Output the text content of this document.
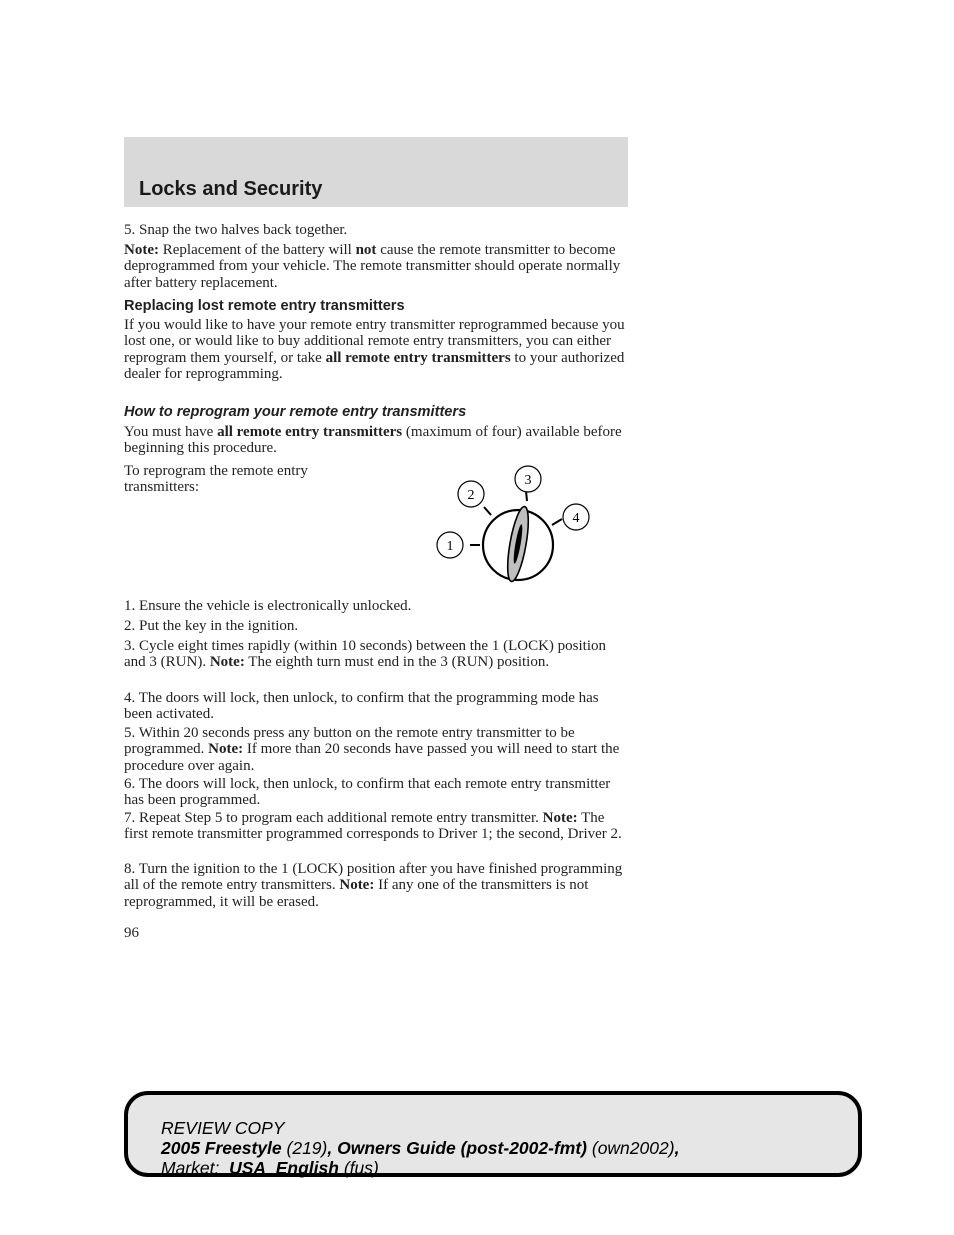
Locks and Security
5. Snap the two halves back together.
Note: Replacement of the battery will not cause the remote transmitter to become deprogrammed from your vehicle. The remote transmitter should operate normally after battery replacement.
Replacing lost remote entry transmitters
If you would like to have your remote entry transmitter reprogrammed because you lost one, or would like to buy additional remote entry transmitters, you can either reprogram them yourself, or take all remote entry transmitters to your authorized dealer for reprogramming.
How to reprogram your remote entry transmitters
You must have all remote entry transmitters (maximum of four) available before beginning this procedure.
To reprogram the remote entry transmitters:
1
2
3
4
1. Ensure the vehicle is electronically unlocked.
2. Put the key in the ignition.
3. Cycle eight times rapidly (within 10 seconds) between the 1 (LOCK) position and 3 (RUN). Note: The eighth turn must end in the 3 (RUN) position.
4. The doors will lock, then unlock, to confirm that the programming mode has been activated.
5. Within 20 seconds press any button on the remote entry transmitter to be programmed. Note: If more than 20 seconds have passed you will need to start the procedure over again.
6. The doors will lock, then unlock, to confirm that each remote entry transmitter has been programmed.
7. Repeat Step 5 to program each additional remote entry transmitter. Note: The first remote transmitter programmed corresponds to Driver 1; the second, Driver 2.
8. Turn the ignition to the 1 (LOCK) position after you have finished programming all of the remote entry transmitters. Note: If any one of the transmitters is not reprogrammed, it will be erased.
96
REVIEW COPY
2005 Freestyle (219), Owners Guide (post-2002-fmt) (own2002),
Market:  USA_English (fus)
